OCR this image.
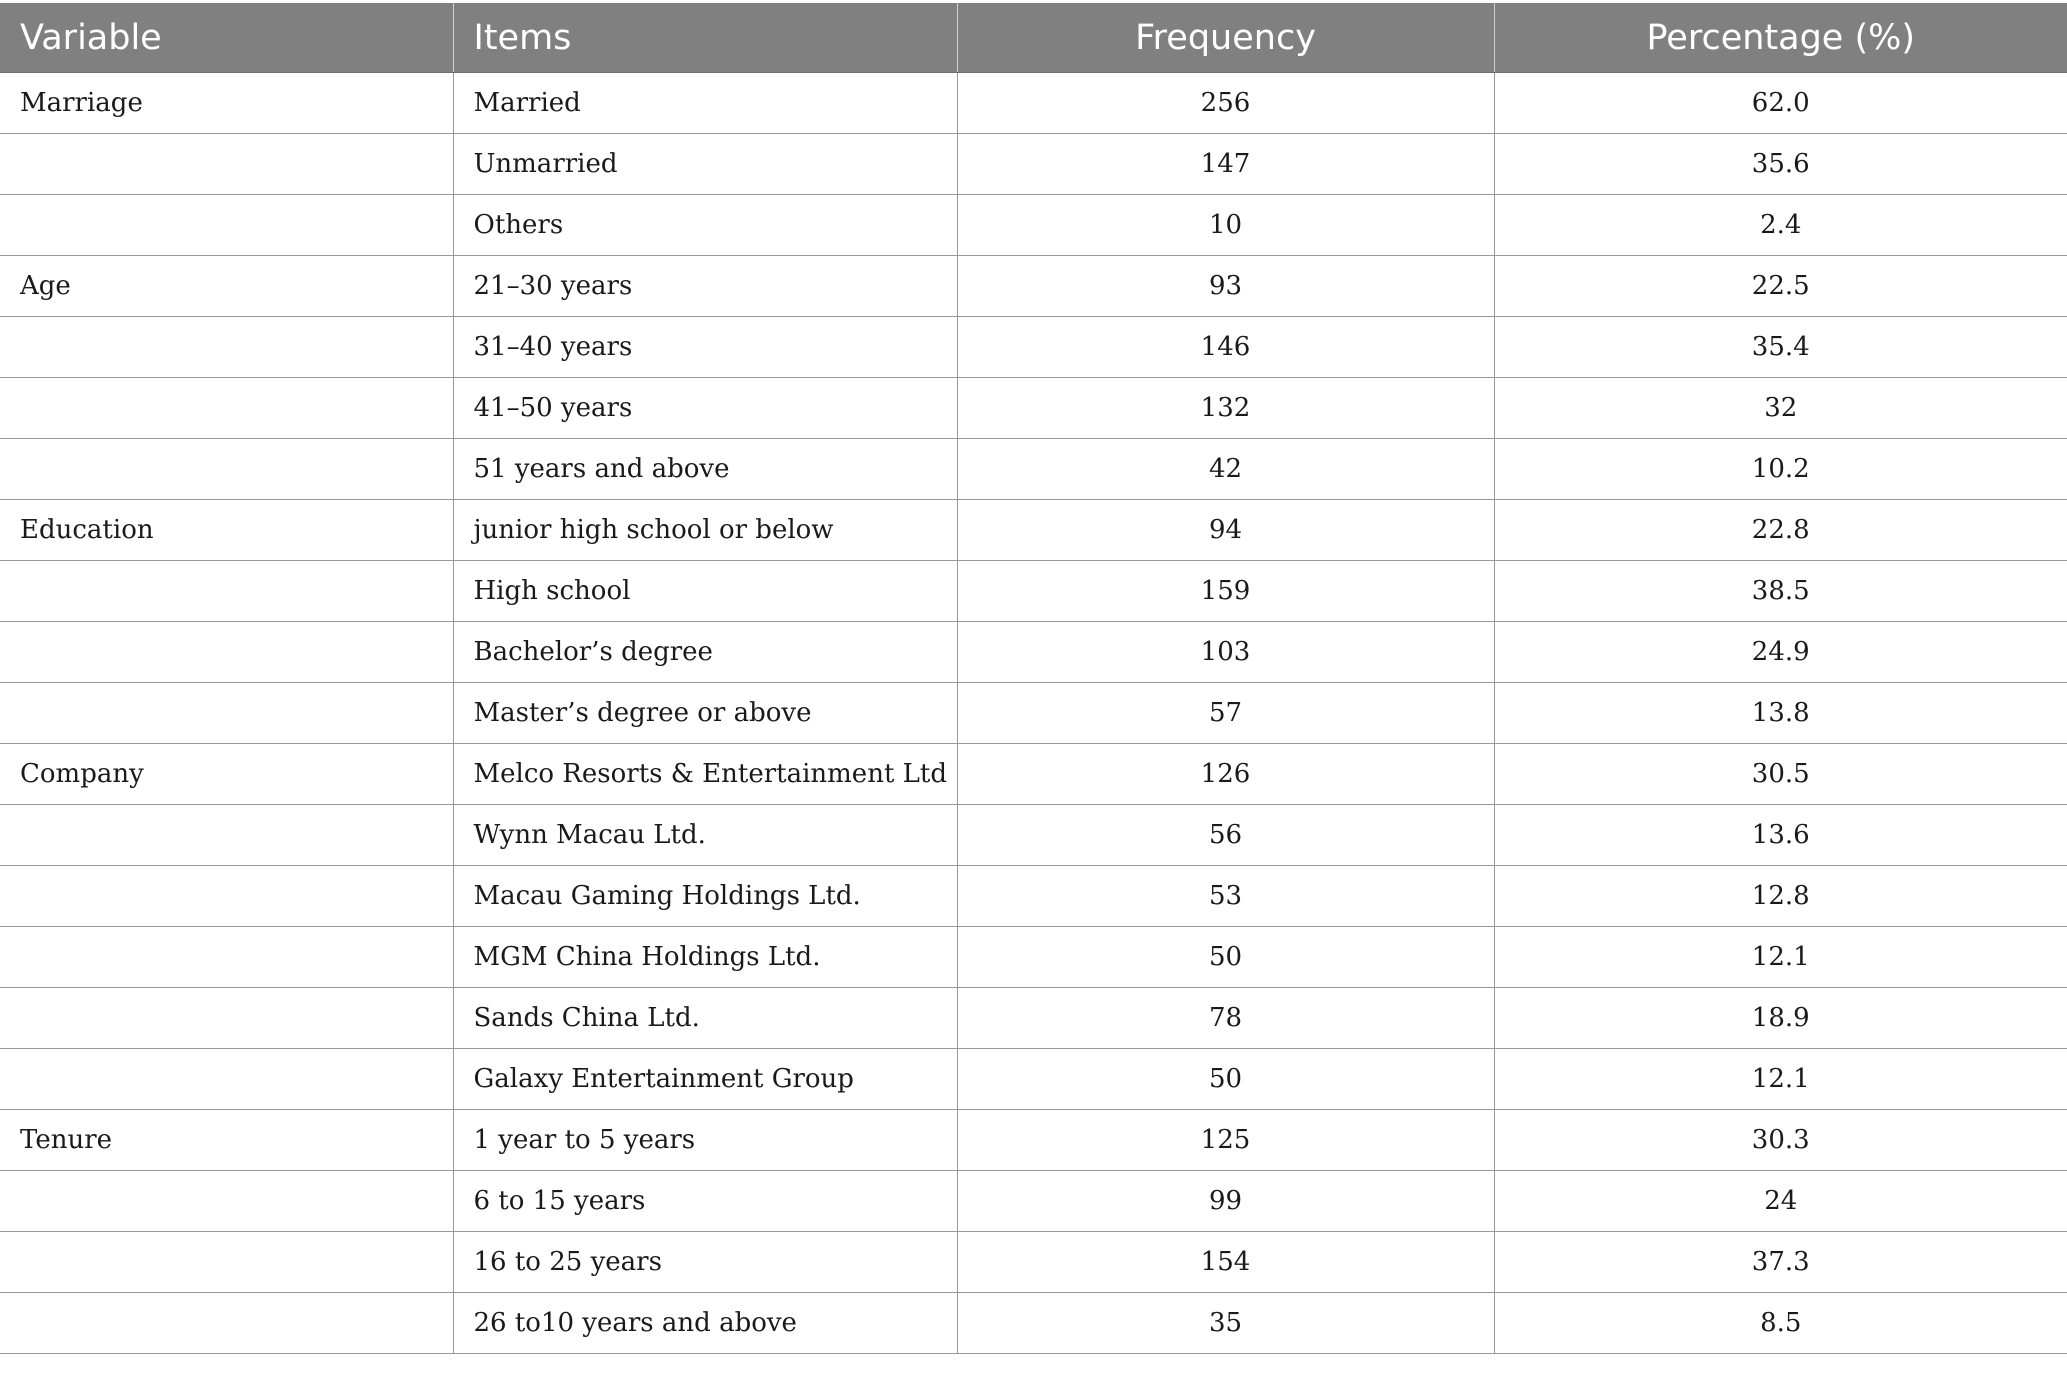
Variable	Items	Frequency	Percentage (%)
Marriage	Married	256	62.0
	Unmarried	147	35.6
	Others	10	2.4
Age	21–30 years	93	22.5
	31–40 years	146	35.4
	41–50 years	132	32
	51 years and above	42	10.2
Education	junior high school or below	94	22.8
	High school	159	38.5
	Bachelor’s degree	103	24.9
	Master’s degree or above	57	13.8
Company	Melco Resorts & Entertainment Ltd	126	30.5
	Wynn Macau Ltd.	56	13.6
	Macau Gaming Holdings Ltd.	53	12.8
	MGM China Holdings Ltd.	50	12.1
	Sands China Ltd.	78	18.9
	Galaxy Entertainment Group	50	12.1
Tenure	1 year to 5 years	125	30.3
	6 to 15 years	99	24
	16 to 25 years	154	37.3
	26 to10 years and above	35	8.5
